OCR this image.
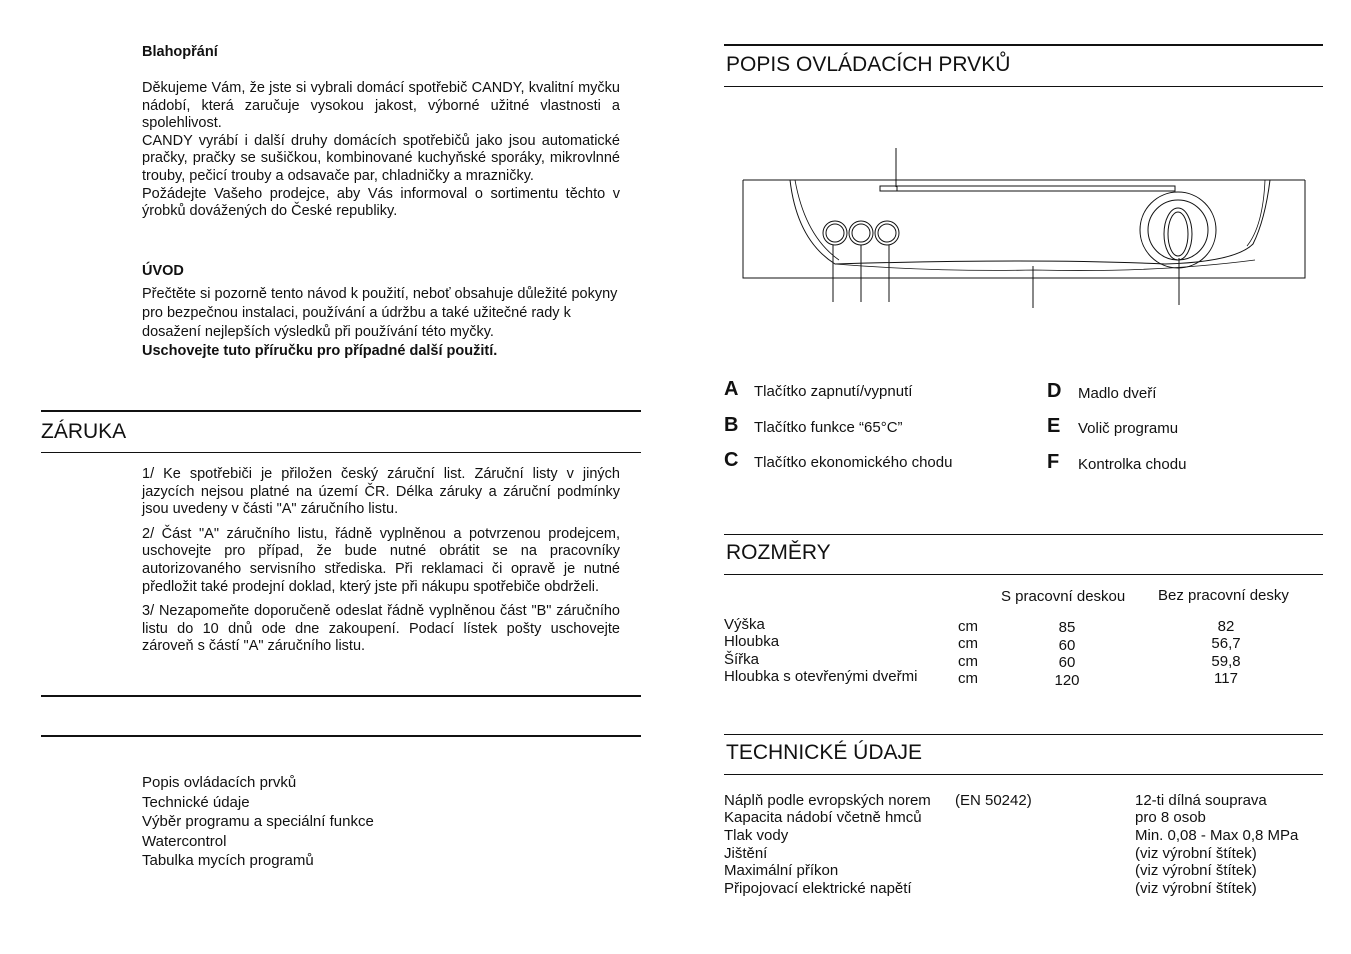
Blahopřání
Děkujeme Vám, že jste si vybrali domácí spotřebič CANDY, kvalitní myčku nádobí, která zaručuje vysokou jakost, výborné užitné vlastnosti a spolehlivost.
CANDY vyrábí i další druhy domácích spotřebičů jako jsou automatické pračky, pračky se sušičkou, kombinované kuchyňské sporáky, mikrovlnné trouby, pečicí trouby a odsavače par, chladničky a mrazničky.
Požádejte Vašeho prodejce, aby Vás informoval o sortimentu těchto v ýrobků dovážených do České republiky.
ÚVOD
Přečtěte si pozorně tento návod k použití, neboť obsahuje důležité pokyny pro bezpečnou instalaci, používání a údržbu a také užitečné rady k dosažení nejlepších výsledků při používání této myčky.
Uschovejte tuto příručku pro případné další použití.
ZÁRUKA
1/ Ke spotřebiči je přiložen český záruční list. Záruční listy v jiných jazycích nejsou platné na území ČR. Délka záruky a záruční podmínky jsou uvedeny v části "A" záručního listu.
2/ Část "A" záručního listu, řádně vyplněnou a potvrzenou prodejcem, uschovejte pro případ, že bude nutné obrátit se na pracovníky autorizovaného servisního střediska. Při reklamaci či opravě je nutné předložit také prodejní doklad, který jste při nákupu spotřebiče obdrželi.
3/ Nezapomeňte doporučeně odeslat řádně vyplněnou část "B" záručního listu do 10 dnů ode dne zakoupení. Podací lístek pošty uschovejte zároveň s částí "A" záručního listu.
Popis ovládacích prvků
Technické údaje
Výběr programu a speciální funkce
Watercontrol
Tabulka mycích programů
POPIS OVLÁDACÍCH PRVKŮ
A Tlačítko zapnutí/vypnutí
B Tlačítko funkce “65°C”
C Tlačítko ekonomického chodu
D Madlo dveří
E Volič programu
F Kontrolka chodu
ROZMĚRY
S pracovní deskou Bez pracovní desky
Výška
Hloubka
Šířka
Hloubka s otevřenými dveřmi
cm
cm
cm
cm
85
60
60
120
82
56,7
59,8
117
TECHNICKÉ ÚDAJE
Náplň podle evropských norem (EN 50242)
Kapacita nádobí včetně hmců
Tlak vody
Jištění
Maximální příkon
Připojovací elektrické napětí
12-ti dílná souprava
pro 8 osob
Min. 0,08 - Max 0,8 MPa
(viz výrobní štítek)
(viz výrobní štítek)
(viz výrobní štítek)
